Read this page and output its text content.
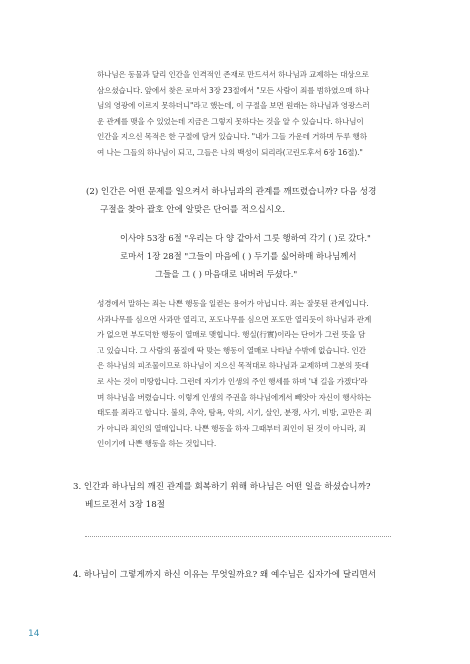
하나님은 동물과 달리 인간을 인격적인 존재로 만드셔서 하나님과 교제하는 대상으로
삼으셨습니다. 앞에서 찾은 로마서 3장 23절에서 "모든 사람이 죄를 범하였으매 하나
님의 영광에 이르지 못하더니"라고 했는데, 이 구절을 보면 원래는 하나님과 영광스러
운 관계를 맺을 수 있었는데 지금은 그렇지 못하다는 것을 알 수 있습니다. 하나님이
인간을 지으신 목적은 한 구절에 담겨 있습니다. "내가 그들 가운데 거하며 두루 행하
여 나는 그들의 하나님이 되고, 그들은 나의 백성이 되리라(고린도후서 6장 16절)."
(2) 인간은 어떤 문제를 일으켜서 하나님과의 관계를 깨뜨렸습니까? 다음 성경
구절을 찾아 괄호 안에 알맞은 단어를 적으십시오.
이사야 53장 6절 "우리는 다 양 같아서 그릇 행하여 각기 ( )로 갔다."
로마서 1장 28절 "그들이 마음에 ( ) 두기를 싫어하매 하나님께서
그들을 그 ( ) 마음대로 내버려 두셨다."
성경에서 말하는 죄는 나쁜 행동을 일컫는 용어가 아닙니다. 죄는 잘못된 관계입니다.
사과나무를 심으면 사과만 열리고, 포도나무를 심으면 포도만 열리듯이 하나님과 관계
가 없으면 부도덕한 행동이 열매로 맺힙니다. 행실(行實)이라는 단어가 그런 뜻을 담
고 있습니다. 그 사람의 품질에 딱 맞는 행동이 열매로 나타날 수밖에 없습니다. 인간
은 하나님의 피조물이므로 하나님이 지으신 목적대로 하나님과 교제하며 그분의 뜻대
로 사는 것이 미땅합니다. 그런데 자기가 인생의 주인 행세를 하며 '내 길을 가겠다'라
며 하나님을 버렸습니다. 이렇게 인생의 주권을 하나님에게서 빼앗아 자신이 행사하는
태도를 죄라고 합니다. 불의, 추악, 탐욕, 악의, 시기, 살인, 분쟁, 사기, 비방, 교만은 죄
가 아니라 죄인의 열매입니다. 나쁜 행동을 하자 그때부터 죄인이 된 것이 아니라, 죄
인이기에 나쁜 행동을 하는 것입니다.
3. 인간과 하나님의 깨진 관계를 회복하기 위해 하나님은 어떤 일을 하셨습니까?
베드로전서 3장 18절
4. 하나님이 그렇게까지 하신 이유는 무엇일까요? 왜 예수님은 십자가에 달리면서
14
